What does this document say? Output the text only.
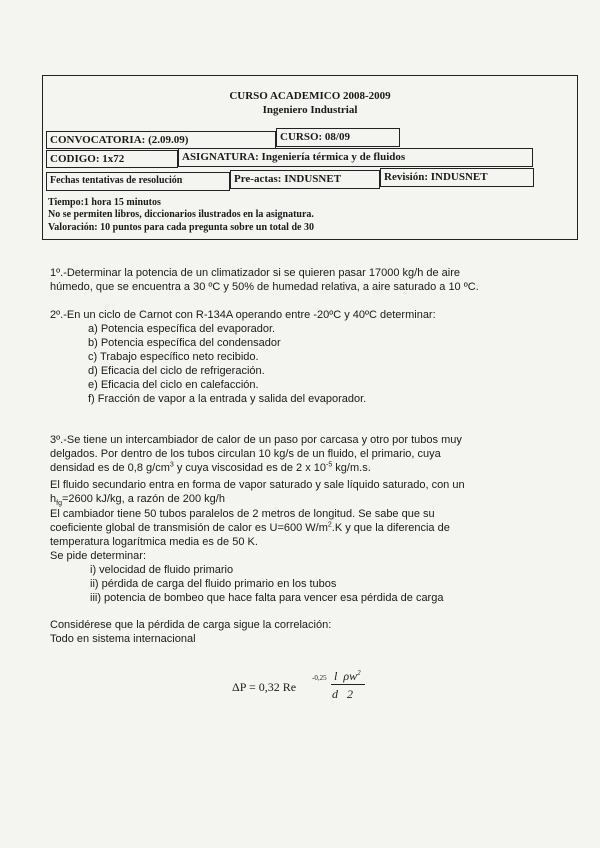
CURSO ACADEMICO 2008-2009
Ingeniero Industrial
CONVOCATORIA: (2.09.09)	CURSO: 08/09
CODIGO: 1x72	ASIGNATURA: Ingeniería térmica y de fluidos
Fechas tentativas de resolución	Pre-actas: INDUSNET	Revisión: INDUSNET
Tiempo:1 hora 15 minutos
No se permiten libros, diccionarios ilustrados en la asignatura.
Valoración: 10 puntos para cada pregunta sobre un total de 30
1º.-Determinar la potencia de un climatizador si se quieren pasar 17000 kg/h de aire
húmedo, que se encuentra a 30 ºC y 50% de humedad relativa, a aire saturado a 10 ºC.
2º.-En un ciclo de Carnot con R-134A operando entre -20ºC y 40ºC determinar:
a) Potencia específica del evaporador.
b) Potencia específica del condensador
c) Trabajo específico neto recibido.
d) Eficacia del ciclo de refrigeración.
e) Eficacia del ciclo en calefacción.
f) Fracción de vapor a la entrada y salida del evaporador.
3º.-Se tiene un intercambiador de calor de un paso por carcasa y otro por tubos muy
delgados. Por dentro de los tubos circulan 10 kg/s de un fluido, el primario, cuya
densidad es de 0,8 $g/cm^3$ y cuya viscosidad es de 2 x $10^{-5}$ kg/m.s.
El fluido secundario entra en forma de vapor saturado y sale líquido saturado, con un
$h_{fg}=2600$ kJ/kg, a razón de 200 kg/h
El cambiador tiene 50 tubos paralelos de 2 metros de longitud. Se sabe que su
coeficiente global de transmisión de calor es U=600 $W/m^2.K$ y que la diferencia de
temperatura logarítmica media es de 50 K.
Se pide determinar:
i) velocidad de fluido primario
ii) pérdida de carga del fluido primario en los tubos
iii) potencia de bombeo que hace falta para vencer esa pérdida de carga
Considérese que la pérdida de carga sigue la correlación:
Todo en sistema internacional
ΔP = 0,32 Re
-0,25 l  $\rho w^2$
d   2
